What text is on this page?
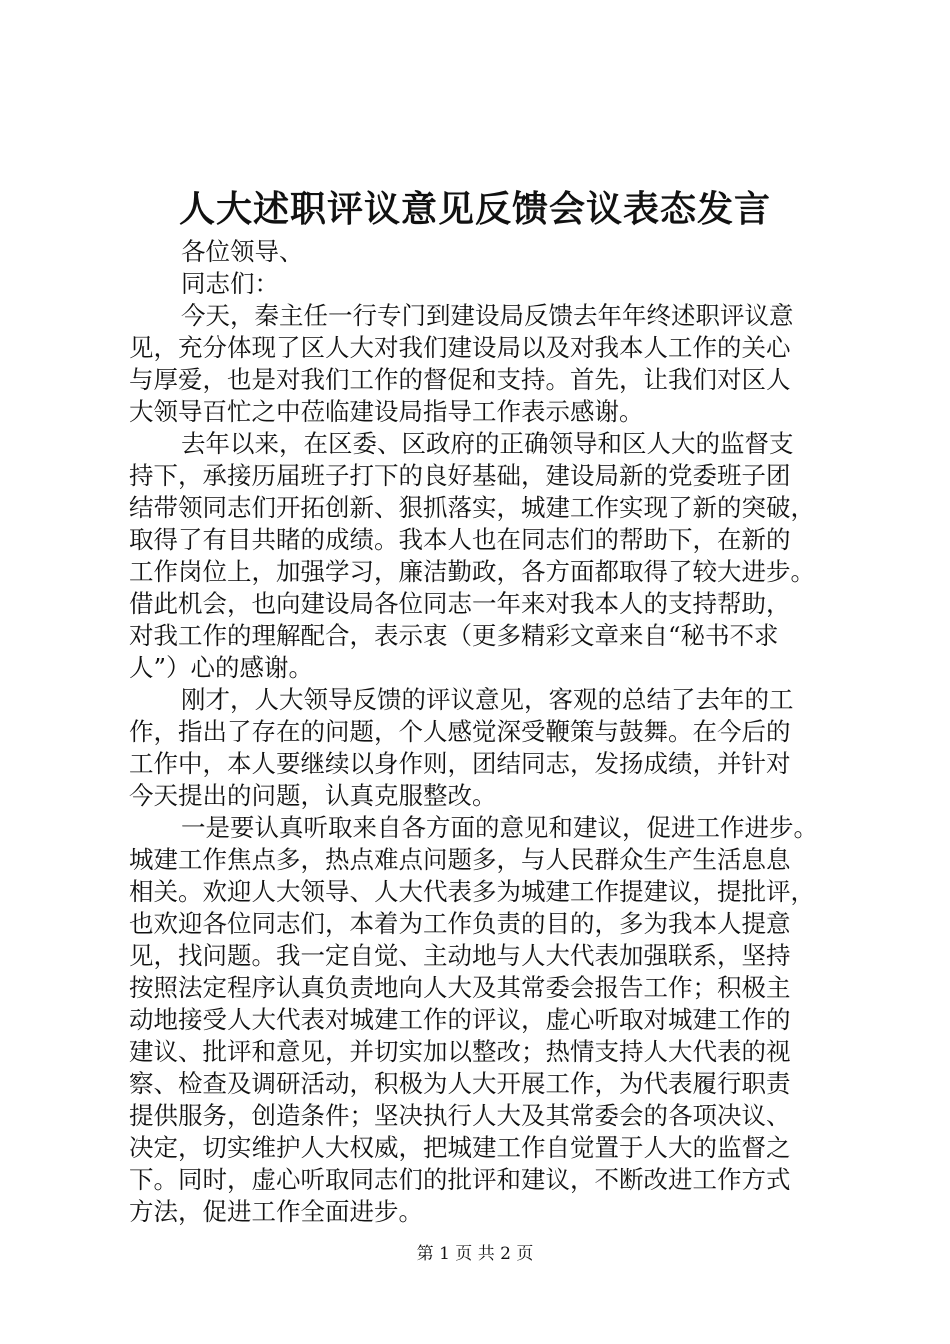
人大述职评议意见反馈会议表态发言
各位领导、
同志们：
今天，秦主任一行专门到建设局反馈去年年终述职评议意
见，充分体现了区人大对我们建设局以及对我本人工作的关心
与厚爱，也是对我们工作的督促和支持。首先，让我们对区人
大领导百忙之中莅临建设局指导工作表示感谢。
去年以来，在区委、区政府的正确领导和区人大的监督支
持下，承接历届班子打下的良好基础，建设局新的党委班子团
结带领同志们开拓创新、狠抓落实，城建工作实现了新的突破，
取得了有目共睹的成绩。我本人也在同志们的帮助下，在新的
工作岗位上，加强学习，廉洁勤政，各方面都取得了较大进步。
借此机会，也向建设局各位同志一年来对我本人的支持帮助，
对我工作的理解配合，表示衷（更多精彩文章来自“秘书不求
人”）心的感谢。
刚才，人大领导反馈的评议意见，客观的总结了去年的工
作，指出了存在的问题，个人感觉深受鞭策与鼓舞。在今后的
工作中，本人要继续以身作则，团结同志，发扬成绩，并针对
今天提出的问题，认真克服整改。
一是要认真听取来自各方面的意见和建议，促进工作进步。
城建工作焦点多，热点难点问题多，与人民群众生产生活息息
相关。欢迎人大领导、人大代表多为城建工作提建议，提批评，
也欢迎各位同志们，本着为工作负责的目的，多为我本人提意
见，找问题。我一定自觉、主动地与人大代表加强联系，坚持
按照法定程序认真负责地向人大及其常委会报告工作；积极主
动地接受人大代表对城建工作的评议，虚心听取对城建工作的
建议、批评和意见，并切实加以整改；热情支持人大代表的视
察、检查及调研活动，积极为人大开展工作，为代表履行职责
提供服务，创造条件；坚决执行人大及其常委会的各项决议、
决定，切实维护人大权威，把城建工作自觉置于人大的监督之
下。同时，虚心听取同志们的批评和建议，不断改进工作方式
方法，促进工作全面进步。
第 1 页 共 2 页
